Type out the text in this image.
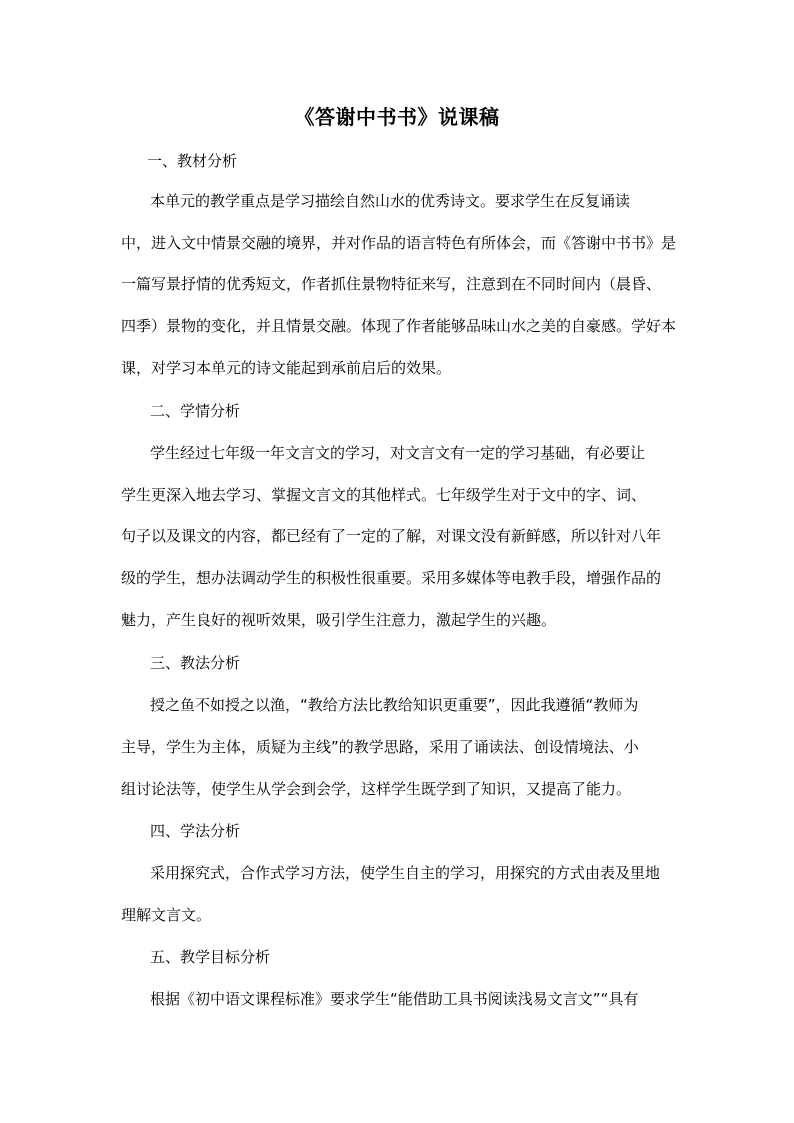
《答谢中书书》说课稿

一、教材分析

本单元的教学重点是学习描绘自然山水的优秀诗文。要求学生在反复诵读

中，进入文中情景交融的境界，并对作品的语言特色有所体会，而《答谢中书书》是

一篇写景抒情的优秀短文，作者抓住景物特征来写，注意到在不同时间内（晨昏、

四季）景物的变化，并且情景交融。体现了作者能够品味山水之美的自豪感。学好本

课，对学习本单元的诗文能起到承前启后的效果。

二、学情分析

学生经过七年级一年文言文的学习，对文言文有一定的学习基础，有必要让

学生更深入地去学习、掌握文言文的其他样式。七年级学生对于文中的字、词、

句子以及课文的内容，都已经有了一定的了解，对课文没有新鲜感，所以针对八年

级的学生，想办法调动学生的积极性很重要。采用多媒体等电教手段，增强作品的

魅力，产生良好的视听效果，吸引学生注意力，激起学生的兴趣。

三、教法分析

授之鱼不如授之以渔，“教给方法比教给知识更重要”，因此我遵循“教师为

主导，学生为主体，质疑为主线”的教学思路，采用了诵读法、创设情境法、小

组讨论法等，使学生从学会到会学，这样学生既学到了知识，又提高了能力。

四、学法分析

采用探究式，合作式学习方法，使学生自主的学习，用探究的方式由表及里地

理解文言文。

五、教学目标分析

根据《初中语文课程标准》要求学生“能借助工具书阅读浅易文言文”“具有
